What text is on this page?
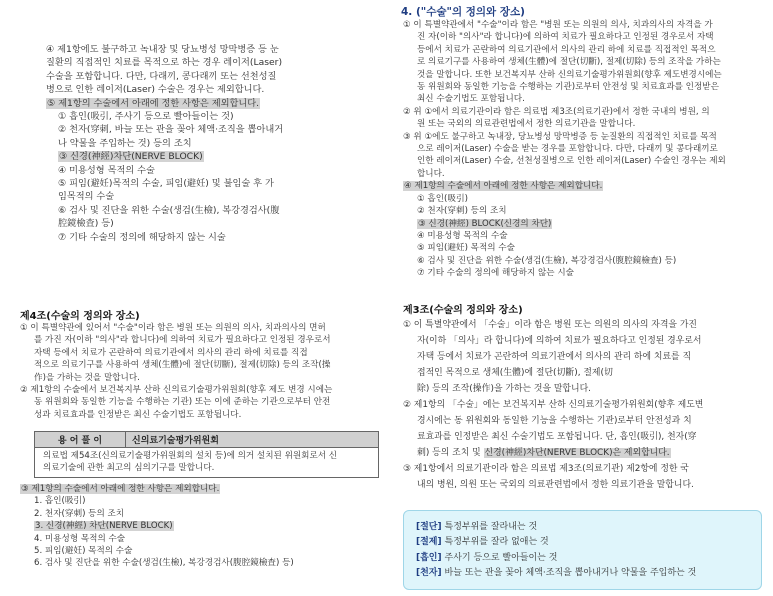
④ 제1항에도 불구하고 녹내장 및 당뇨병성 망막병증 등 눈
질환의 직접적인 치료를 목적으로 하는 경우 레이저(Laser)
수술을 포함합니다. 다만, 다래끼, 콩다래끼 또는 선천성질
병으로 인한 레이저(Laser) 수술은 경우는 제외합니다.
⑤ 제1항의 수술에서 아래에 정한 사항은 제외합니다.
① 흡인(吸引, 주사기 등으로 빨아들이는 것)
② 천자(穿刺, 바늘 또는 관을 꽂아 체액·조직을 뽑아내거
나 약물을 주입하는 것) 등의 조치
③ 신경(神經)차단(NERVE BLOCK)
④ 미용성형 목적의 수술
⑤ 피임(避妊)목적의 수술, 피임(避妊) 및 불임술 후 가
임목적의 수술
⑥ 검사 및 진단을 위한 수술(생검(生檢), 복강경검사(腹
腔鏡檢査) 등)
⑦ 기타 수술의 정의에 해당하지 않는 시술
제4조(수술의 정의와 장소)
① 이 특별약관에 있어서 "수술"이라 함은 병원 또는 의원의 의사, 치과의사의 면허
를 가진 자(이하 "의사"라 합니다)에 의하여 치료가 필요하다고 인정된 경우로서
자택 등에서 치료가 곤란하여 의료기관에서 의사의 관리 하에 치료를 직접
적으로 의료기구를 사용하여 생체(生體)에 절단(切斷), 절제(切除) 등의 조작(操
作)을 가하는 것을 말합니다.
② 제1항의 수술에서 보건복지부 산하 신의료기술평가위원회(향후 제도 변경 시에는
동 위원회와 동일한 기능을 수행하는 기관) 또는 이에 준하는 기관으로부터 안전
성과 치료효과를 인정받은 최신 수술기법도 포함됩니다.
용 어 풀 이	신의료기술평가위원회

의료법 제54조(신의료기술평가위원회의 설치 등)에 의거 설치된 위원회로서 신
의료기술에 관한 최고의 심의기구를 말합니다.
③ 제1항의 수술에서 아래에 정한 사항은 제외합니다.
1. 흡인(吸引)
2. 천자(穿刺) 등의 조치
3. 신경(神經) 차단(NERVE BLOCK)
4. 미용성형 목적의 수술
5. 피임(避妊) 목적의 수술
6. 검사 및 진단을 위한 수술(생검(生檢), 복강경검사(腹腔鏡檢査) 등)
4. ("수술"의 정의와 장소)
① 이 특별약관에서 "수술"이라 함은 "병원 또는 의원의 의사, 치과의사의 자격을 가
진 자(이하 "의사"라 합니다)에 의하여 치료가 필요하다고 인정된 경우로서 자택
등에서 치료가 곤란하여 의료기관에서 의사의 관리 하에 치료를 직접적인 목적으
로 의료기구를 사용하여 생체(生體)에 절단(切斷), 절제(切除) 등의 조작을 가하는
것을 말합니다. 또한 보건복지부 산하 신의료기술평가위원회(향후 제도변경시에는
동 위원회와 동일한 기능을 수행하는 기관)로부터 안전성 및 치료효과를 인정받은
최신 수술기법도 포함됩니다.
② 위 ①에서 의료기관이라 함은 의료법 제3조(의료기관)에서 정한 국내의 병원, 의
원 또는 국외의 의료관련법에서 정한 의료기관을 말합니다.
③ 위 ①에도 불구하고 녹내장, 당뇨병성 망막병증 등 눈질환의 직접적인 치료를 목적
으로 레이저(Laser) 수술을 받는 경우를 포함합니다. 다만, 다래끼 및 콩다래끼로
인한 레이저(Laser) 수술, 선천성질병으로 인한 레이저(Laser) 수술인 경우는 제외
합니다.
④ 제1항의 수술에서 아래에 정한 사항은 제외합니다.
① 흡인(吸引)
② 천자(穿刺) 등의 조치
③ 신경(神經) BLOCK(신경의 차단)
④ 미용성형 목적의 수술
⑤ 피임(避妊) 목적의 수술
⑥ 검사 및 진단을 위한 수술(생검(生檢), 복강경검사(腹腔鏡檢査) 등)
⑦ 기타 수술의 정의에 해당하지 않는 시술
제3조(수술의 정의와 장소)
① 이 특별약관에서 「수술」이라 함은 병원 또는 의원의 의사의 자격을 가진
자(이하 「의사」라 합니다)에 의하여 치료가 필요하다고 인정된 경우로서
자택 등에서 치료가 곤란하여 의료기관에서 의사의 관리 하에 치료를 직
접적인 목적으로 생체(生體)에 절단(切斷), 절제(切
除) 등의 조작(操作)을 가하는 것을 말합니다.
② 제1항의 「수술」에는 보건복지부 산하 신의료기술평가위원회(향후 제도변
경시에는 동 위원회와 동일한 기능을 수행하는 기관)로부터 안전성과 치
료효과를 인정받은 최신 수술기법도 포함됩니다. 단, 흡인(吸引), 천자(穿
刺) 등의 조치 및 신경(神經)차단(NERVE BLOCK)은 제외합니다.
③ 제1항에서 의료기관이라 함은 의료법 제3조(의료기관) 제2항에 정한 국
내의 병원, 의원 또는 국외의 의료관련법에서 정한 의료기관을 말합니다.
[절단] 특정부위를 잘라내는 것
[절제] 특정부위를 잘라 없애는 것
[흡인] 주사기 등으로 빨아들이는 것
[천자] 바늘 또는 관을 꽂아 체액·조직을 뽑아내거나 약물을 주입하는 것
